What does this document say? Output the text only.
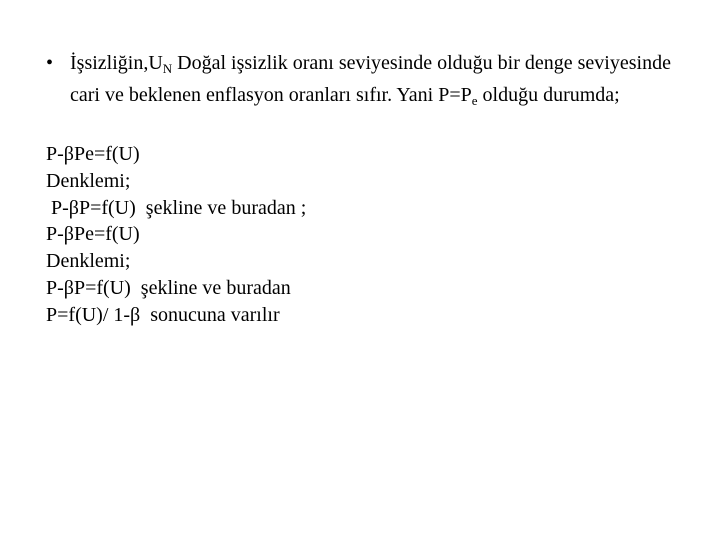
• $İşsizliğin,U_N$ Doğal işsizlik oranı seviyesinde olduğu bir denge seviyesinde cari ve beklenen enflasyon oranları sıfır. Yani $P=P_e$ olduğu durumda;
P-βPe=f(U)
Denklemi;
P-βP=f(U)  şekline ve buradan ;
P-βPe=f(U)
Denklemi;
P-βP=f(U)  şekline ve buradan
P=f(U)/ 1-β  sonucuna varılır
